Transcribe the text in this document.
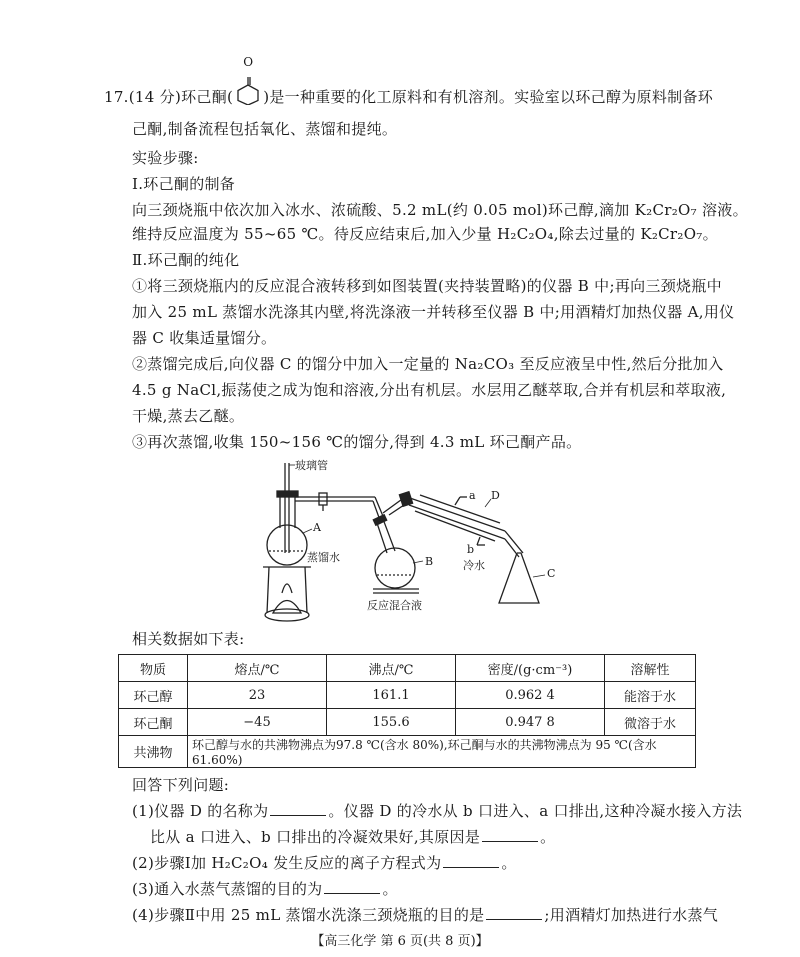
17.(14 分)环己酮(
O
)是一种重要的化工原料和有机溶剂。实验室以环己醇为原料制备环
己酮,制备流程包括氧化、蒸馏和提纯。
实验步骤:
Ⅰ.环己酮的制备
向三颈烧瓶中依次加入冰水、浓硫酸、5.2 mL(约 0.05 mol)环己醇,滴加 K₂Cr₂O₇ 溶液。
维持反应温度为 55~65 ℃。待反应结束后,加入少量 H₂C₂O₄,除去过量的 K₂Cr₂O₇。
Ⅱ.环己酮的纯化
①将三颈烧瓶内的反应混合液转移到如图装置(夹持装置略)的仪器 B 中;再向三颈烧瓶中
加入 25 mL 蒸馏水洗涤其内壁,将洗涤液一并转移至仪器 B 中;用酒精灯加热仪器 A,用仪
器 C 收集适量馏分。
②蒸馏完成后,向仪器 C 的馏分中加入一定量的 Na₂CO₃ 至反应液呈中性,然后分批加入
4.5 g NaCl,振荡使之成为饱和溶液,分出有机层。水层用乙醚萃取,合并有机层和萃取液,
干燥,蒸去乙醚。
③再次蒸馏,收集 150~156 ℃的馏分,得到 4.3 mL 环己酮产品。
玻璃管
A
蒸馏水	B
反应混合液
a D
b
冷水
C
相关数据如下表:
物质	熔点/℃	沸点/℃	密度/(g·cm⁻³)	溶解性
环己醇	23	161.1	0.962 4	能溶于水
环己酮	−45	155.6	0.947 8	微溶于水
共沸物	环己醇与水的共沸物沸点为97.8 ℃(含水 80%),环己酮与水的共沸物沸点为 95 ℃(含水61.60%)			
回答下列问题:
(1)仪器 D 的名称为	。仪器 D 的冷水从 b 口进入、a 口排出,这种冷凝水接入方法
比从 a 口进入、b 口排出的冷凝效果好,其原因是	。
(2)步骤Ⅰ加 H₂C₂O₄ 发生反应的离子方程式为	。
(3)通入水蒸气蒸馏的目的为	。
(4)步骤Ⅱ中用 25 mL 蒸馏水洗涤三颈烧瓶的目的是	;用酒精灯加热进行水蒸气
【高三化学 第 6 页(共 8 页)】
